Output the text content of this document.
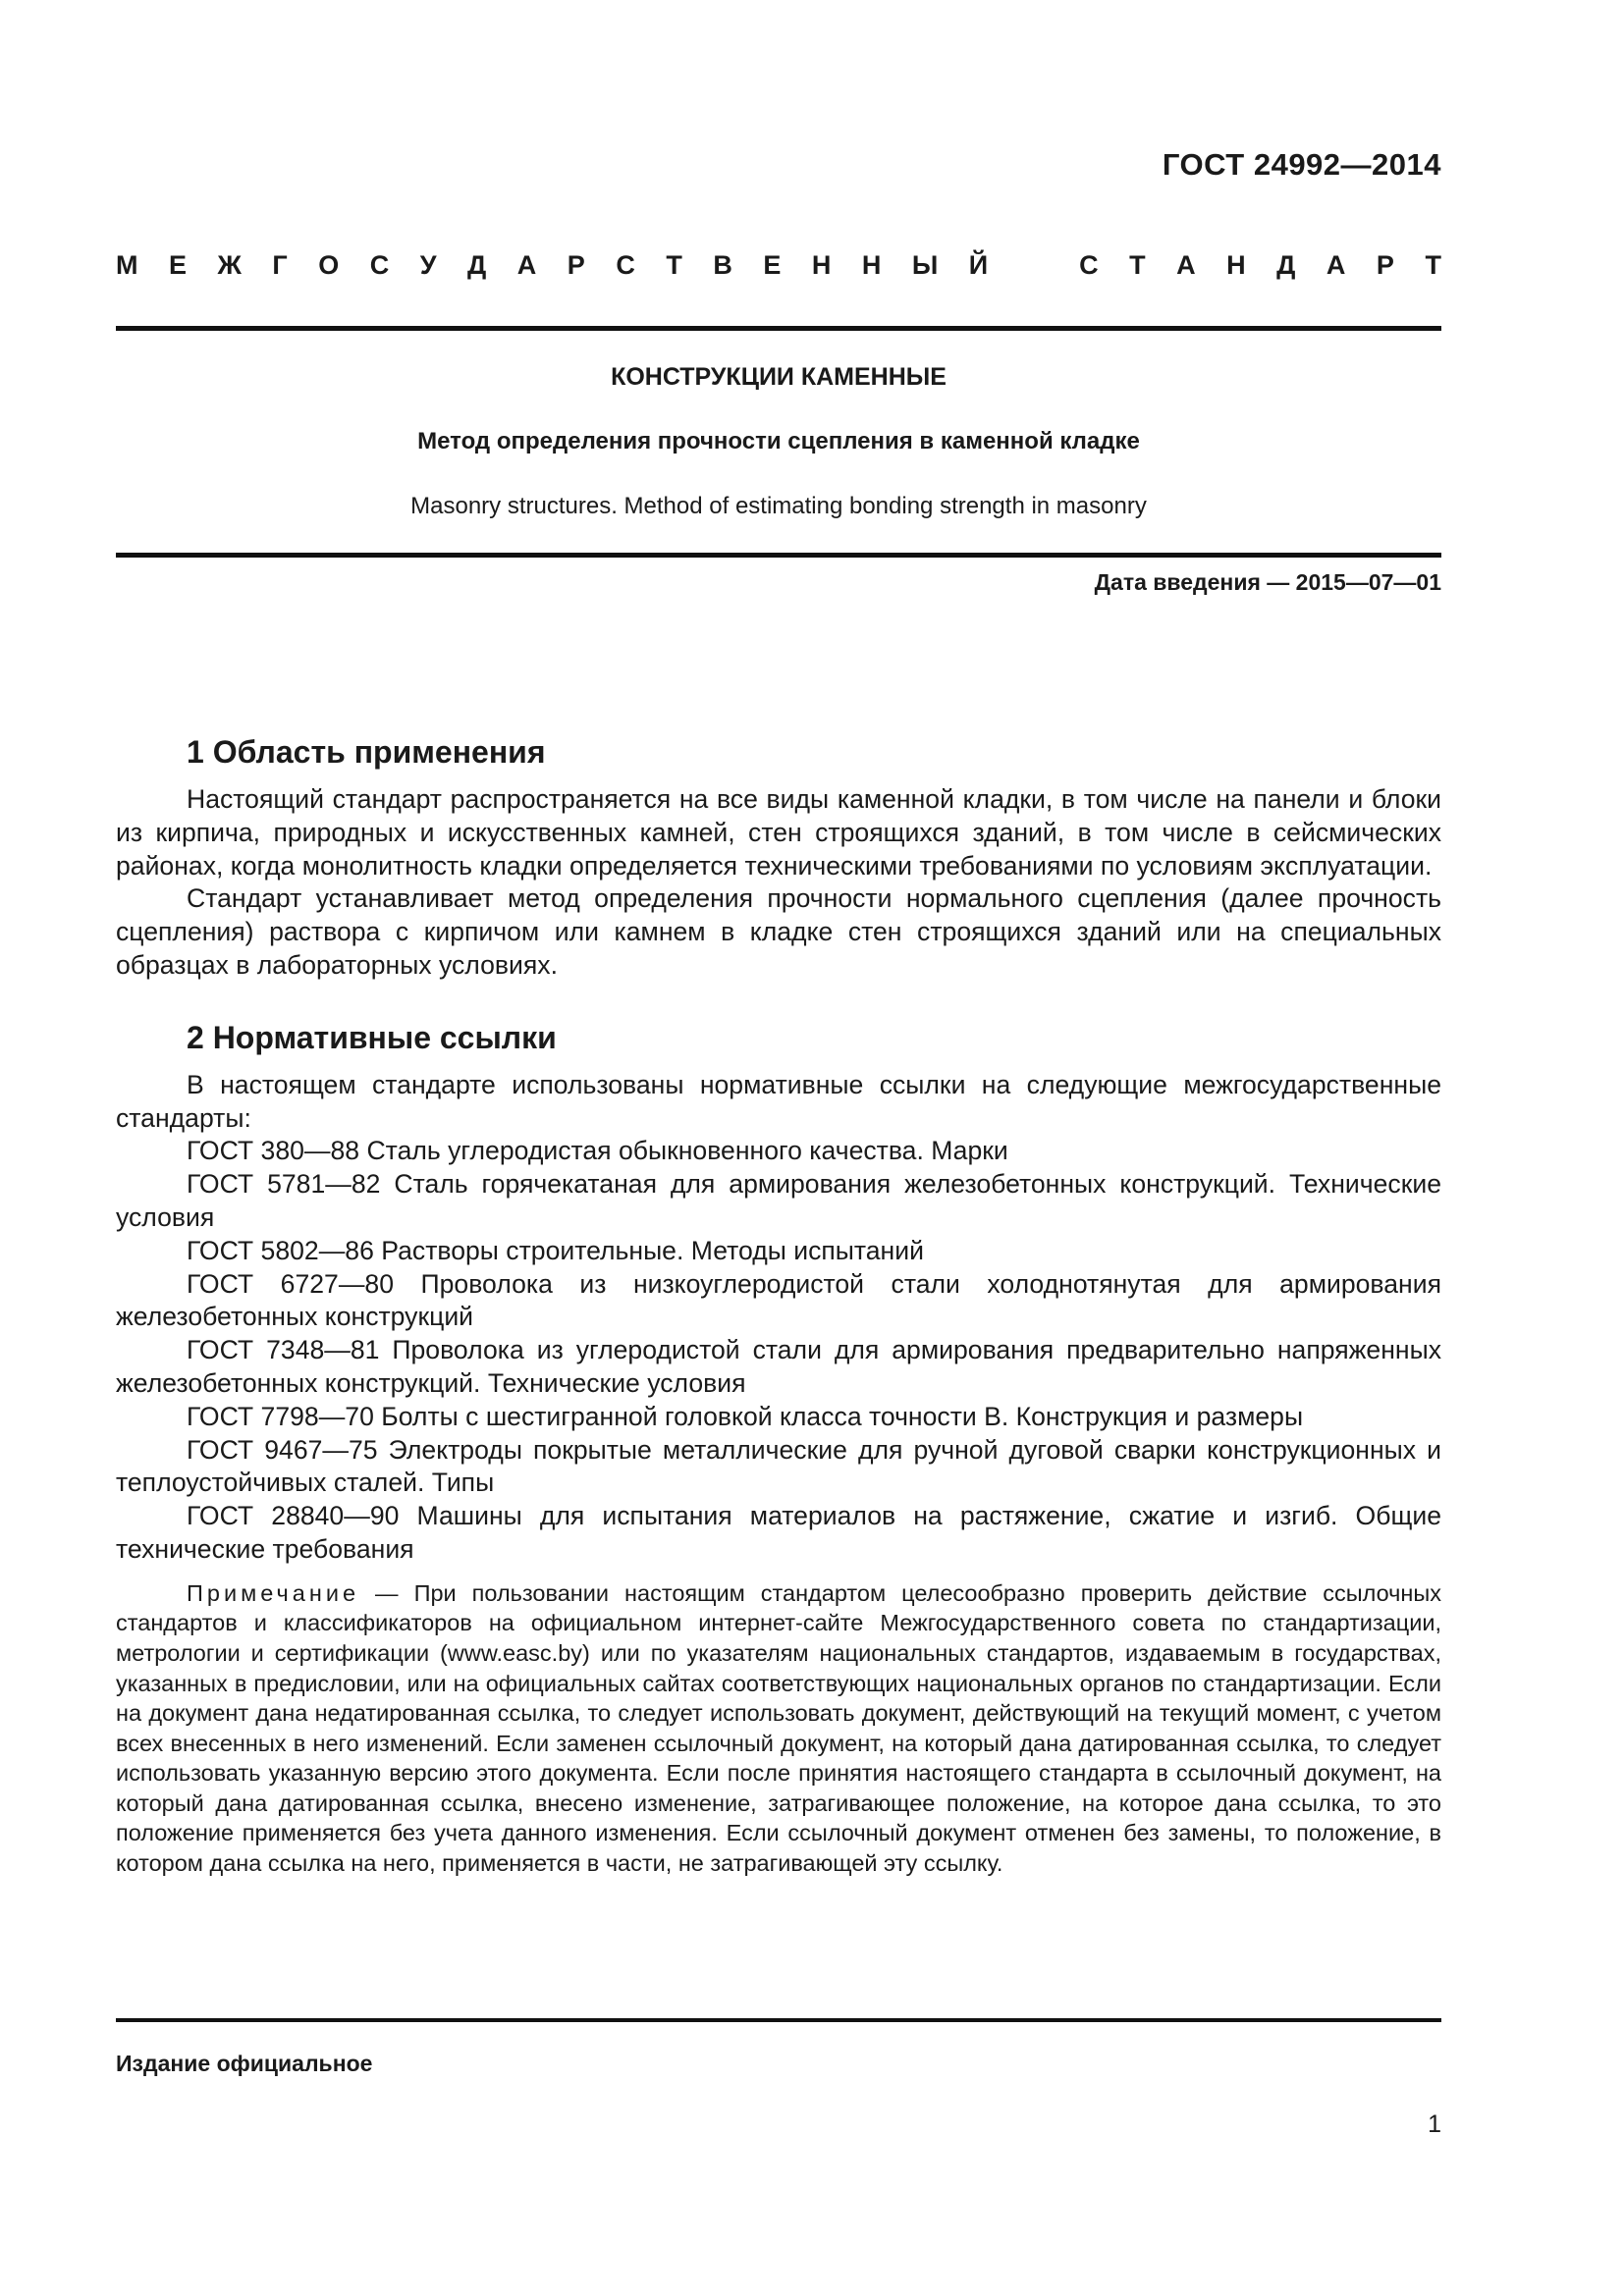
ГОСТ 24992—2014
М Е Ж Г О С У Д А Р С Т В Е Н Н Ы Й	С Т А Н Д А Р Т
КОНСТРУКЦИИ КАМЕННЫЕ
Метод определения прочности сцепления в каменной кладке
Masonry structures. Method of estimating bonding strength in masonry
Дата введения — 2015—07—01
1 Область применения

Настоящий стандарт распространяется на все виды каменной кладки, в том числе на панели и блоки из кирпича, природных и искусственных камней, стен строящихся зданий, в том числе в сейсмических районах, когда монолитность кладки определяется техническими требованиями по условиям эксплуатации.

Стандарт устанавливает метод определения прочности нормального сцепления (далее прочность сцепления) раствора с кирпичом или камнем в кладке стен строящихся зданий или на специальных образцах в лабораторных условиях.

2 Нормативные ссылки

В настоящем стандарте использованы нормативные ссылки на следующие межгосударственные стандарты:

ГОСТ 380—88 Сталь углеродистая обыкновенного качества. Марки

ГОСТ 5781—82 Сталь горячекатаная для армирования железобетонных конструкций. Технические условия

ГОСТ 5802—86 Растворы строительные. Методы испытаний

ГОСТ 6727—80 Проволока из низкоуглеродистой стали холоднотянутая для армирования железобетонных конструкций

ГОСТ 7348—81 Проволока из углеродистой стали для армирования предварительно напряженных железобетонных конструкций. Технические условия

ГОСТ 7798—70 Болты с шестигранной головкой класса точности В. Конструкция и размеры

ГОСТ 9467—75 Электроды покрытые металлические для ручной дуговой сварки конструкционных и теплоустойчивых сталей. Типы

ГОСТ 28840—90 Машины для испытания материалов на растяжение, сжатие и изгиб. Общие технические требования

Примечание — При пользовании настоящим стандартом целесообразно проверить действие ссылочных стандартов и классификаторов на официальном интернет-сайте Межгосударственного совета по стандартизации, метрологии и сертификации (www.easc.by) или по указателям национальных стандартов, издаваемым в государствах, указанных в предисловии, или на официальных сайтах соответствующих национальных органов по стандартизации. Если на документ дана недатированная ссылка, то следует использовать документ, действующий на текущий момент, с учетом всех внесенных в него изменений. Если заменен ссылочный документ, на который дана датированная ссылка, то следует использовать указанную версию этого документа. Если после принятия настоящего стандарта в ссылочный документ, на который дана датированная ссылка, внесено изменение, затрагивающее положение, на которое дана ссылка, то это положение применяется без учета данного изменения. Если ссылочный документ отменен без замены, то положение, в котором дана ссылка на него, применяется в части, не затрагивающей эту ссылку.

Издание официальное
1
